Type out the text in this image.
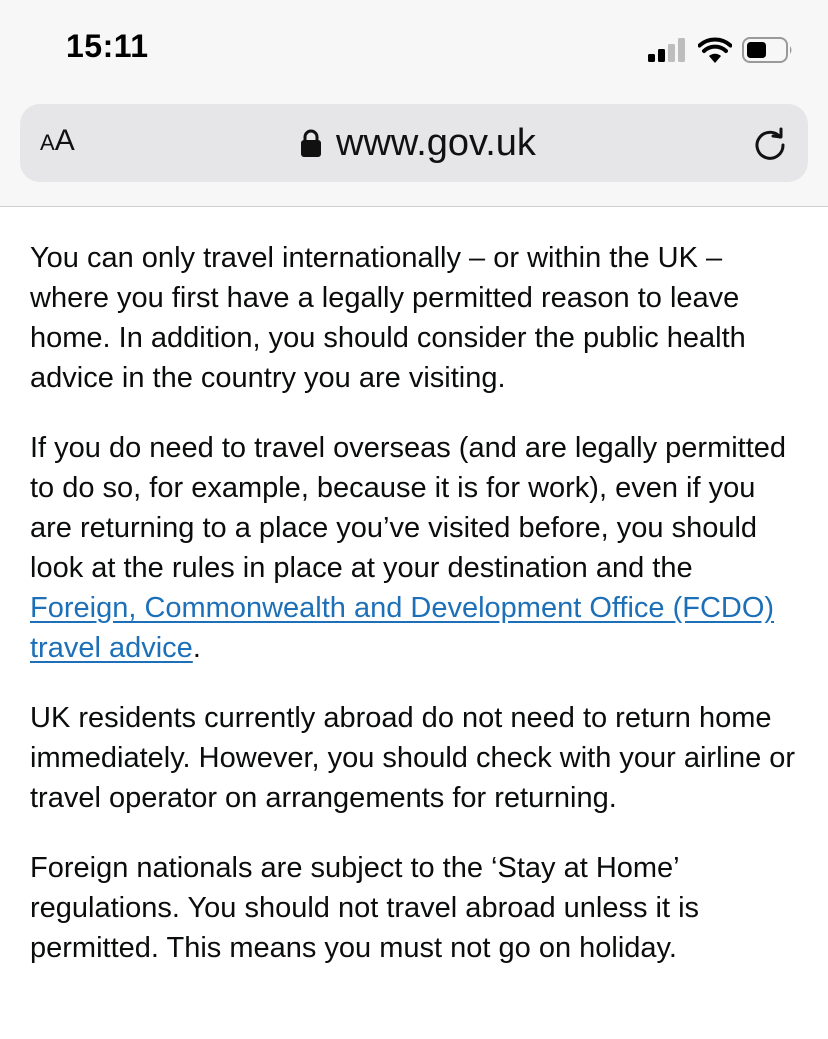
15:11
A A	www.gov.uk

You can only travel internationally – or within the UK – where you first have a legally permitted reason to leave home. In addition, you should consider the public health advice in the country you are visiting.

If you do need to travel overseas (and are legally permitted to do so, for example, because it is for work), even if you are returning to a place you’ve visited before, you should look at the rules in place at your destination and the Foreign, Commonwealth and Development Office (FCDO) travel advice.

UK residents currently abroad do not need to return home immediately. However, you should check with your airline or travel operator on arrangements for returning.

Foreign nationals are subject to the ‘Stay at Home’ regulations. You should not travel abroad unless it is permitted. This means you must not go on holiday.
